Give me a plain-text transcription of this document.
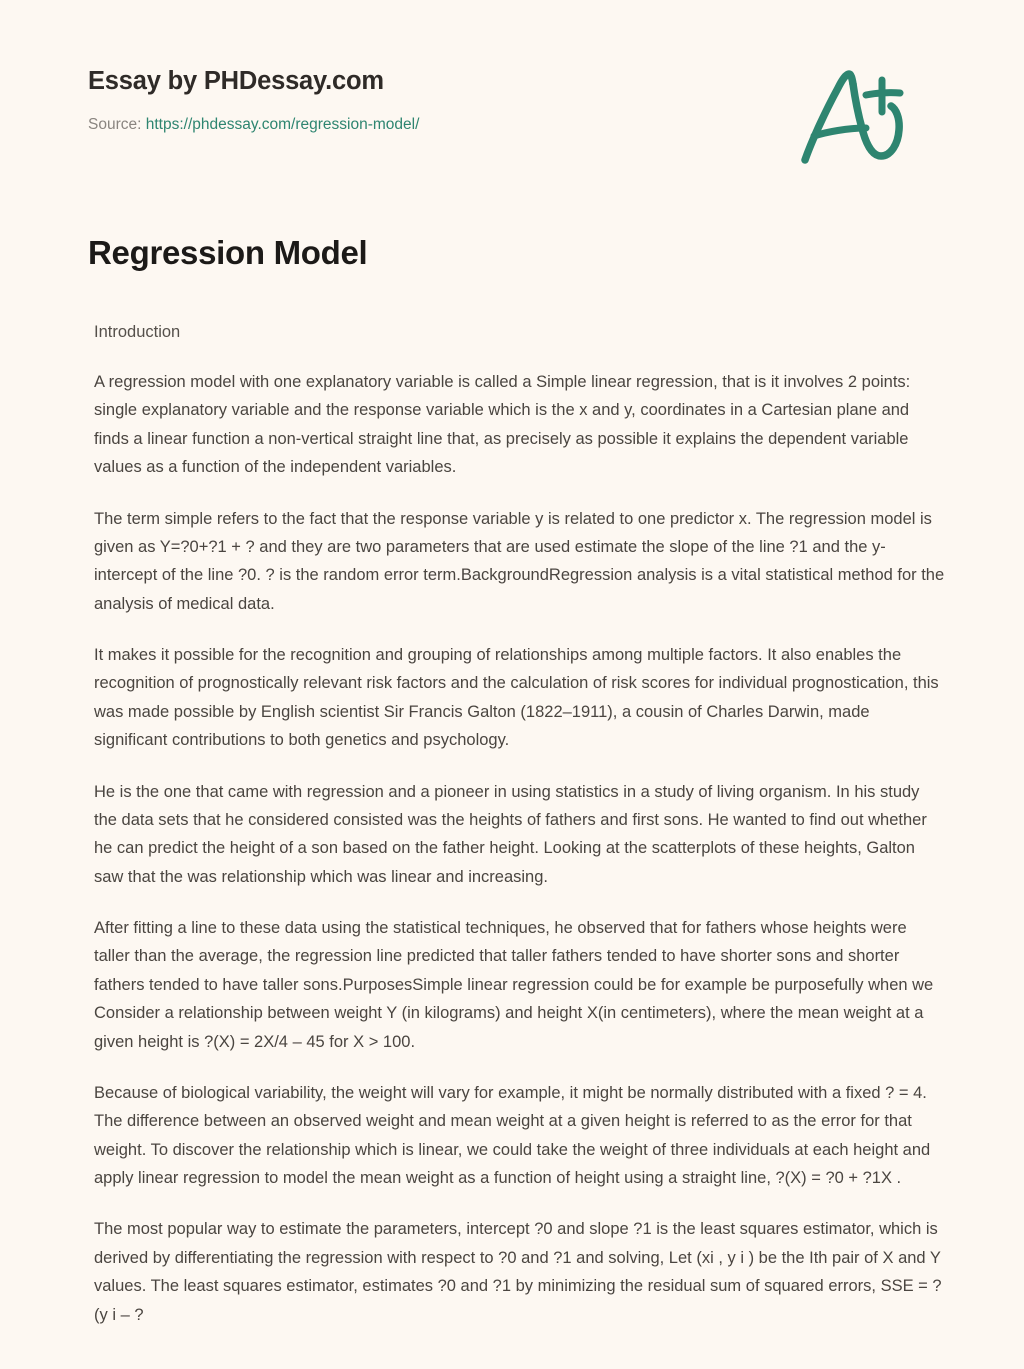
Essay by PHDessay.com
Source: https://phdessay.com/regression-model/
Regression Model

Introduction

A regression model with one explanatory variable is called a Simple linear regression, that is it involves 2 points: single explanatory variable and the response variable which is the x and y, coordinates in a Cartesian plane and finds a linear function a non-vertical straight line that, as precisely as possible it explains the dependent variable values as a function of the independent variables.

The term simple refers to the fact that the response variable y is related to one predictor x. The regression model is given as Y=?0+?1 + ? and they are two parameters that are used estimate the slope of the line ?1 and the y-intercept of the line ?0. ? is the random error term.BackgroundRegression analysis is a vital statistical method for the analysis of medical data.

It makes it possible for the recognition and grouping of relationships among multiple factors. It also enables the recognition of prognostically relevant risk factors and the calculation of risk scores for individual prognostication, this was made possible by English scientist Sir Francis Galton (1822–1911), a cousin of Charles Darwin, made significant contributions to both genetics and psychology.

He is the one that came with regression and a pioneer in using statistics in a study of living organism. In his study the data sets that he considered consisted was the heights of fathers and first sons. He wanted to find out whether he can predict the height of a son based on the father height. Looking at the scatterplots of these heights, Galton saw that the was relationship which was linear and increasing.

After fitting a line to these data using the statistical techniques, he observed that for fathers whose heights were taller than the average, the regression line predicted that taller fathers tended to have shorter sons and shorter fathers tended to have taller sons.PurposesSimple linear regression could be for example be purposefully when we Consider a relationship between weight Y (in kilograms) and height X(in centimeters), where the mean weight at a given height is ?(X) = 2X/4 – 45 for X > 100.

Because of biological variability, the weight will vary for example, it might be normally distributed with a fixed ? = 4. The difference between an observed weight and mean weight at a given height is referred to as the error for that weight. To discover the relationship which is linear, we could take the weight of three individuals at each height and apply linear regression to model the mean weight as a function of height using a straight line, ?(X) = ?0 + ?1X .

The most popular way to estimate the parameters, intercept ?0 and slope ?1 is the least squares estimator, which is derived by differentiating the regression with respect to ?0 and ?1 and solving, Let (xi , y i ) be the Ith pair of X and Y values. The least squares estimator, estimates ?0 and ?1 by minimizing the residual sum of squared errors, SSE = ?(y i – ?
